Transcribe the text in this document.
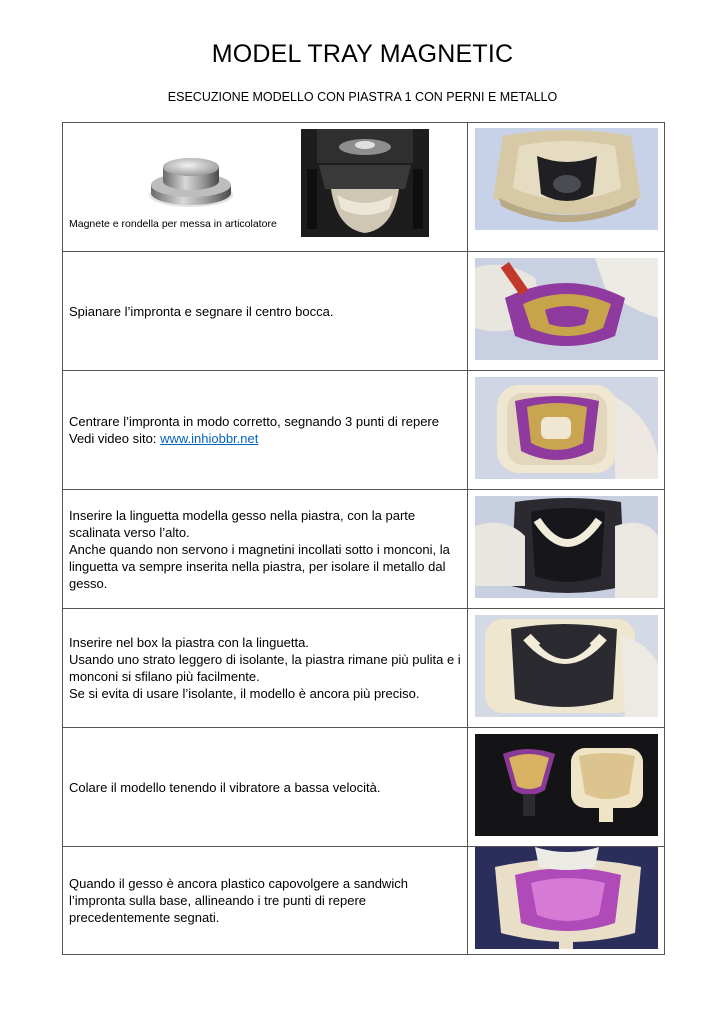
MODEL TRAY MAGNETIC
ESECUZIONE MODELLO CON PIASTRA 1 CON PERNI E METALLO
Magnete e rondella per messa in articolatore

Spianare l’impronta e segnare il centro bocca.

Centrare l’impronta in modo corretto, segnando 3 punti di repere
Vedi video sito: www.inhiobbr.net

Inserire la linguetta modella gesso nella piastra, con la parte scalinata verso l’alto.
Anche quando non servono i magnetini incollati sotto i monconi, la linguetta va sempre inserita nella piastra, per isolare il metallo dal gesso.

Inserire nel box la piastra con la linguetta.
Usando uno strato leggero di isolante, la piastra rimane più pulita e i monconi si sfilano più facilmente.
Se si evita di usare l’isolante, il modello è ancora più preciso.

Colare il modello tenendo il vibratore a bassa velocità.

Quando il gesso è ancora plastico capovolgere a sandwich l’impronta sulla base, allineando i tre punti di repere precedentemente segnati.
